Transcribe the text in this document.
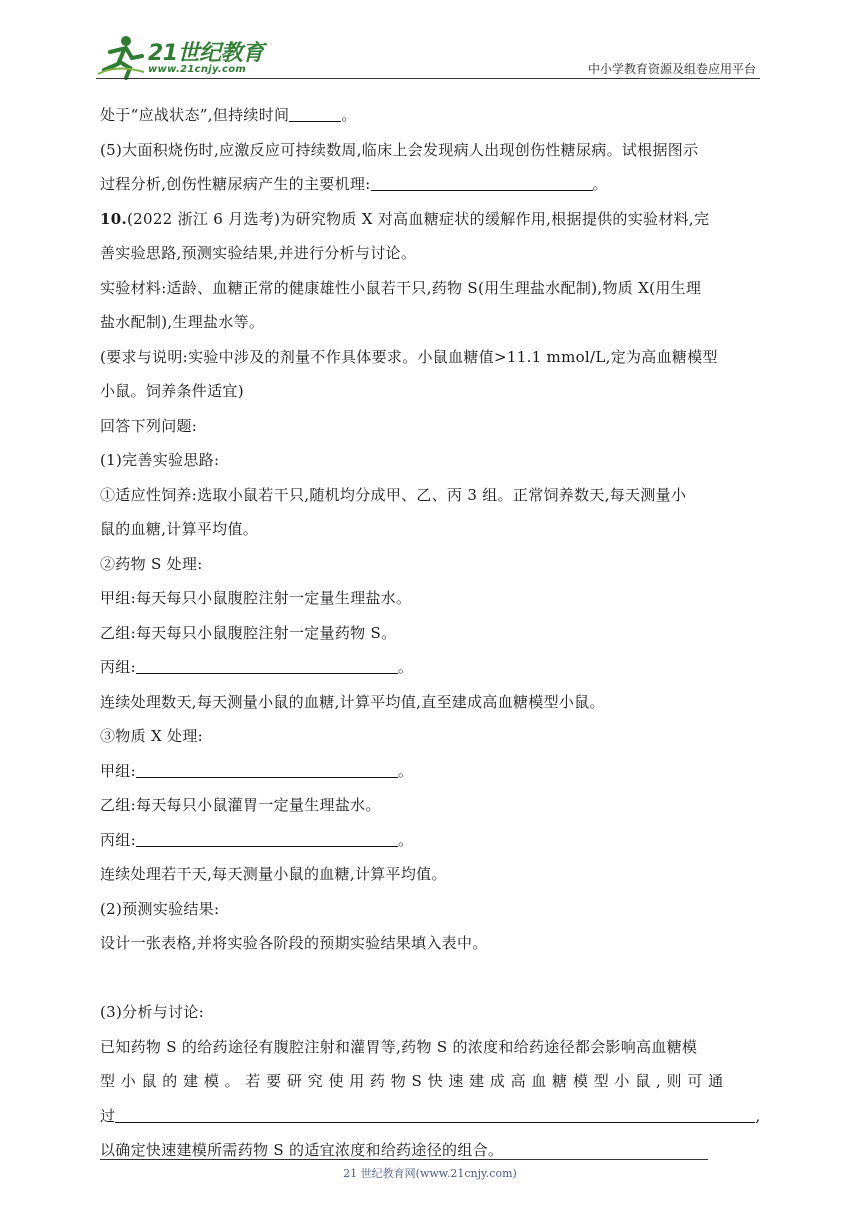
21世纪教育
www.21cnjy.com	中小学教育资源及组卷应用平台
处于“应战状态”,但持续时间	。
(5)大面积烧伤时,应激反应可持续数周,临床上会发现病人出现创伤性糖尿病。试根据图示
过程分析,创伤性糖尿病产生的主要机理:	。
10.(2022 浙江 6 月选考)为研究物质 X 对高血糖症状的缓解作用,根据提供的实验材料,完
善实验思路,预测实验结果,并进行分析与讨论。
实验材料:适龄、血糖正常的健康雄性小鼠若干只,药物 S(用生理盐水配制),物质 X(用生理
盐水配制),生理盐水等。
(要求与说明:实验中涉及的剂量不作具体要求。小鼠血糖值>11.1 mmol/L,定为高血糖模型
小鼠。饲养条件适宜)
回答下列问题:
(1)完善实验思路:
①适应性饲养:选取小鼠若干只,随机均分成甲、乙、丙 3 组。正常饲养数天,每天测量小
鼠的血糖,计算平均值。
②药物 S 处理:
甲组:每天每只小鼠腹腔注射一定量生理盐水。
乙组:每天每只小鼠腹腔注射一定量药物 S。
丙组:	。
连续处理数天,每天测量小鼠的血糖,计算平均值,直至建成高血糖模型小鼠。
③物质 X 处理:
甲组:	。
乙组:每天每只小鼠灌胃一定量生理盐水。
丙组:	。
连续处理若干天,每天测量小鼠的血糖,计算平均值。
(2)预测实验结果:
设计一张表格,并将实验各阶段的预期实验结果填入表中。
(3)分析与讨论:
已知药物 S 的给药途径有腹腔注射和灌胃等,药物 S 的浓度和给药途径都会影响高血糖模
型 小 鼠 的 建 模 。 若 要 研 究 使 用 药 物 S 快 速 建 成 高 血 糖 模 型 小 鼠 , 则 可 通
过	,
以确定快速建模所需药物 S 的适宜浓度和给药途径的组合。
21 世纪教育网(www.21cnjy.com)
